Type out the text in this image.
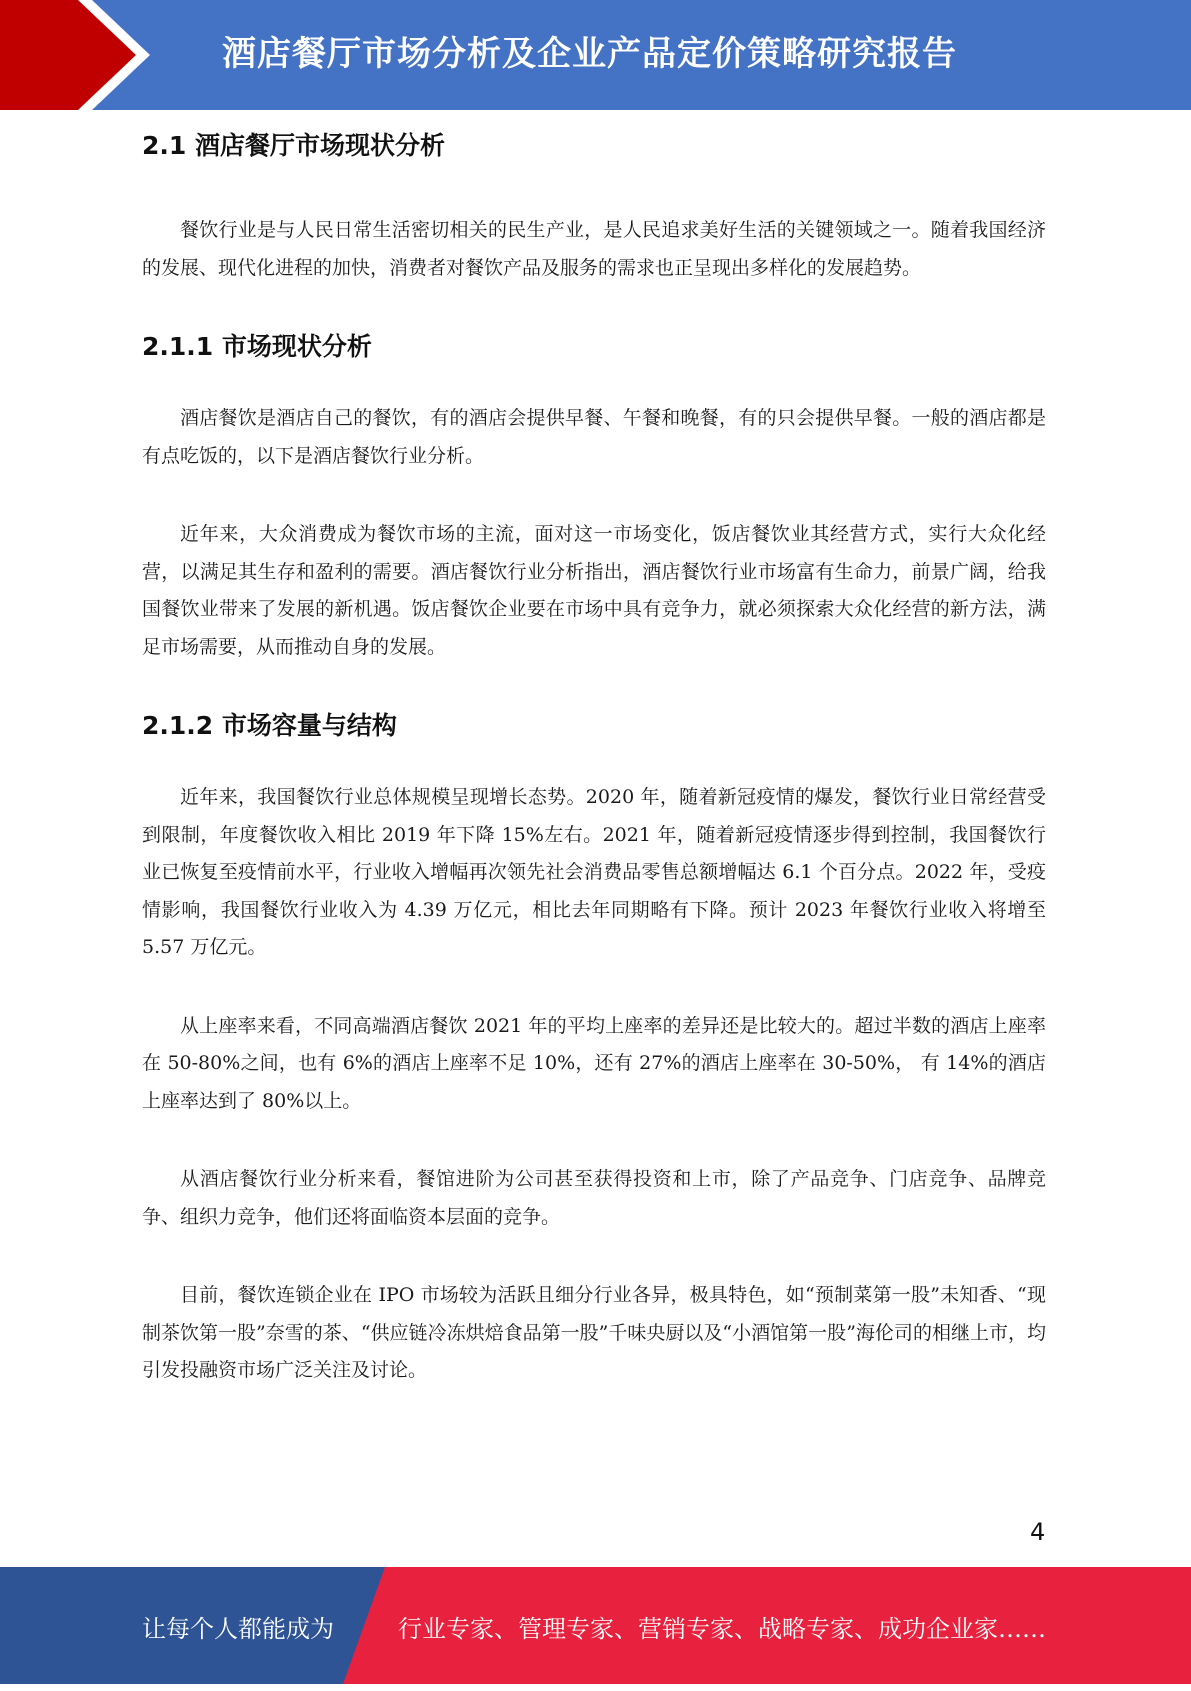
酒店餐厅市场分析及企业产品定价策略研究报告
2.1 酒店餐厅市场现状分析

餐饮行业是与人民日常生活密切相关的民生产业，是人民追求美好生活的关键领域之一。随着我国经济的发展、现代化进程的加快，消费者对餐饮产品及服务的需求也正呈现出多样化的发展趋势。

2.1.1 市场现状分析

酒店餐饮是酒店自己的餐饮，有的酒店会提供早餐、午餐和晚餐，有的只会提供早餐。一般的酒店都是有点吃饭的，以下是酒店餐饮行业分析。

近年来，大众消费成为餐饮市场的主流，面对这一市场变化，饭店餐饮业其经营方式，实行大众化经营，以满足其生存和盈利的需要。酒店餐饮行业分析指出，酒店餐饮行业市场富有生命力，前景广阔，给我国餐饮业带来了发展的新机遇。饭店餐饮企业要在市场中具有竞争力，就必须探索大众化经营的新方法，满足市场需要，从而推动自身的发展。

2.1.2 市场容量与结构

近年来，我国餐饮行业总体规模呈现增长态势。2020 年，随着新冠疫情的爆发，餐饮行业日常经营受到限制，年度餐饮收入相比 2019 年下降 15%左右。2021 年，随着新冠疫情逐步得到控制，我国餐饮行业已恢复至疫情前水平，行业收入增幅再次领先社会消费品零售总额增幅达 6.1 个百分点。2022 年，受疫情影响，我国餐饮行业收入为 4.39 万亿元，相比去年同期略有下降。预计 2023 年餐饮行业收入将增至 5.57 万亿元。

从上座率来看，不同高端酒店餐饮 2021 年的平均上座率的差异还是比较大的。超过半数的酒店上座率在 50-80%之间，也有 6%的酒店上座率不足 10%，还有 27%的酒店上座率在 30-50%， 有 14%的酒店上座率达到了 80%以上。

从酒店餐饮行业分析来看，餐馆进阶为公司甚至获得投资和上市，除了产品竞争、门店竞争、品牌竞争、组织力竞争，他们还将面临资本层面的竞争。

目前，餐饮连锁企业在 IPO 市场较为活跃且细分行业各异，极具特色，如“预制菜第一股”未知香、“现制茶饮第一股”奈雪的茶、“供应链冷冻烘焙食品第一股”千味央厨以及“小酒馆第一股”海伦司的相继上市，均引发投融资市场广泛关注及讨论。

4
让每个人都能成为	行业专家、管理专家、营销专家、战略专家、成功企业家……
